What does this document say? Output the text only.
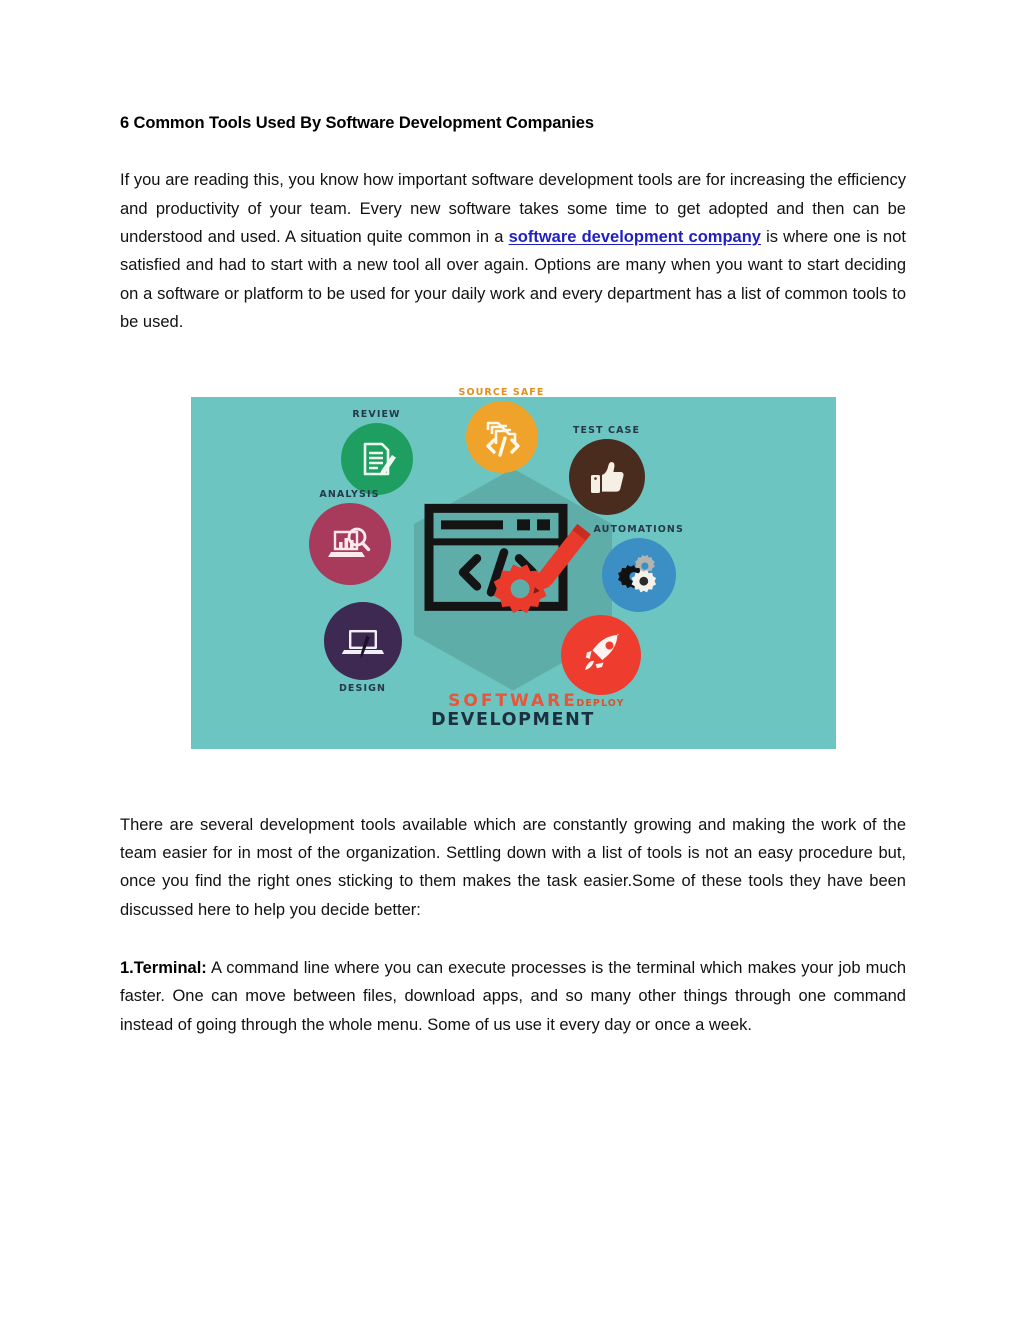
6 Common Tools Used By Software Development Companies

If you are reading this, you know how important software development tools are for increasing the efficiency and productivity of your team. Every new software takes some time to get adopted and then can be understood and used. A situation quite common in a software development company is where one is not satisfied and had to start with a new tool all over again. Options are many when you want to start deciding on a software or platform to be used for your daily work and every department has a list of common tools to be used.

REVIEW
SOURCE SAFE
TEST CASE
ANALYSIS
AUTOMATIONS
DESIGN
DEPLOY
SOFTWARE
DEVELOPMENT

There are several development tools available which are constantly growing and making the work of the team easier for in most of the organization. Settling down with a list of tools is not an easy procedure but, once you find the right ones sticking to them makes the task easier.Some of these tools they have been discussed here to help you decide better:

1.Terminal: A command line where you can execute processes is the terminal which makes your job much faster. One can move between files, download apps, and so many other things through one command instead of going through the whole menu. Some of us use it every day or once a week.
